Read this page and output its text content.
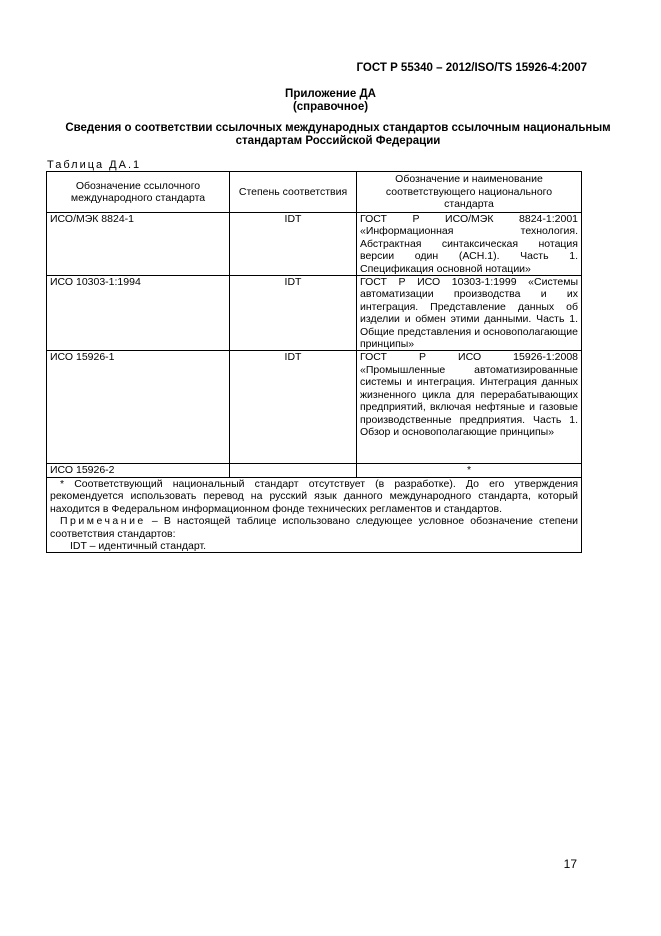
ГОСТ Р 55340 – 2012/ISO/TS 15926-4:2007
Приложение ДА
(справочное)
Сведения о соответствии ссылочных международных стандартов ссылочным национальным стандартам Российской Федерации
Таблица ДА.1
Обозначение ссылочного международного стандарта	Степень соответствия	Обозначение и наименование соответствующего национального стандарта
ИСО/МЭК 8824-1	IDT	ГОСТ Р ИСО/МЭК 8824-1:2001 «Информационная технология. Абстрактная синтаксическая нотация версии один (АСН.1). Часть 1. Спецификация основной нотации»
ИСО 10303-1:1994	IDT	ГОСТ Р ИСО 10303-1:1999 «Системы автоматизации производства и их интеграция. Представление данных об изделии и обмен этими данными. Часть 1. Общие представления и основополагающие принципы»
ИСО 15926-1	IDT	ГОСТ Р ИСО 15926-1:2008 «Промышленные автоматизированные системы и интеграция. Интеграция данных жизненного цикла для перерабатывающих предприятий, включая нефтяные и газовые производственные предприятия. Часть 1. Обзор и основополагающие принципы»
ИСО 15926-2		*

* Соответствующий национальный стандарт отсутствует (в разработке). До его утверждения рекомендуется использовать перевод на русский язык данного международного стандарта, который находится в Федеральном информационном фонде технических регламентов и стандартов.

Примечание – В настоящей таблице использовано следующее условное обозначение степени соответствия стандартов:

IDT – идентичный стандарт.		

17
